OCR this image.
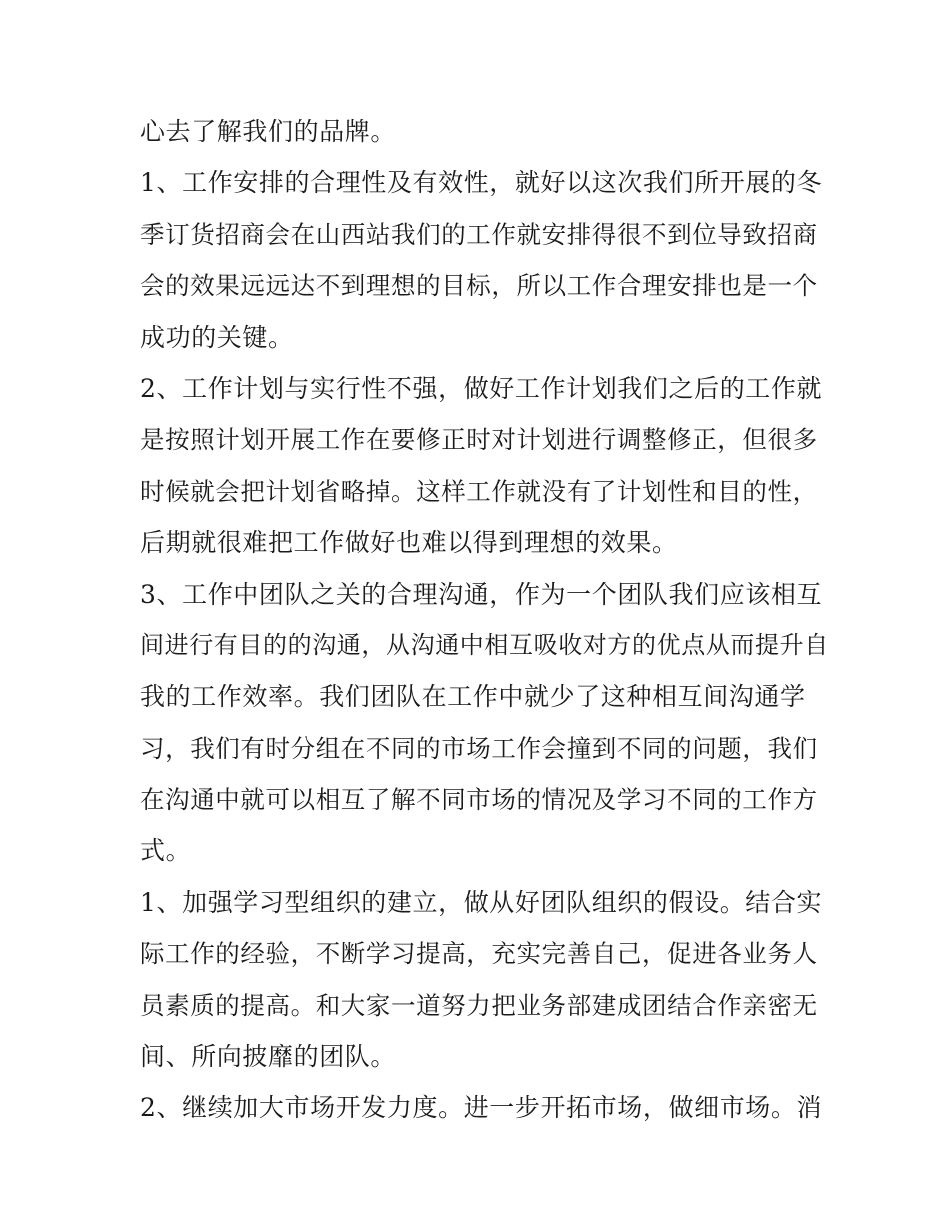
心去了解我们的品牌。
1、工作安排的合理性及有效性，就好以这次我们所开展的冬
季订货招商会在山西站我们的工作就安排得很不到位导致招商
会的效果远远达不到理想的目标，所以工作合理安排也是一个
成功的关键。
2、工作计划与实行性不强，做好工作计划我们之后的工作就
是按照计划开展工作在要修正时对计划进行调整修正，但很多
时候就会把计划省略掉。这样工作就没有了计划性和目的性，
后期就很难把工作做好也难以得到理想的效果。
3、工作中团队之关的合理沟通，作为一个团队我们应该相互
间进行有目的的沟通，从沟通中相互吸收对方的优点从而提升自
我的工作效率。我们团队在工作中就少了这种相互间沟通学
习，我们有时分组在不同的市场工作会撞到不同的问题，我们
在沟通中就可以相互了解不同市场的情况及学习不同的工作方
式。
1、加强学习型组织的建立，做从好团队组织的假设。结合实
际工作的经验，不断学习提高，充实完善自己，促进各业务人
员素质的提高。和大家一道努力把业务部建成团结合作亲密无
间、所向披靡的团队。
2、继续加大市场开发力度。进一步开拓市场，做细市场。消
